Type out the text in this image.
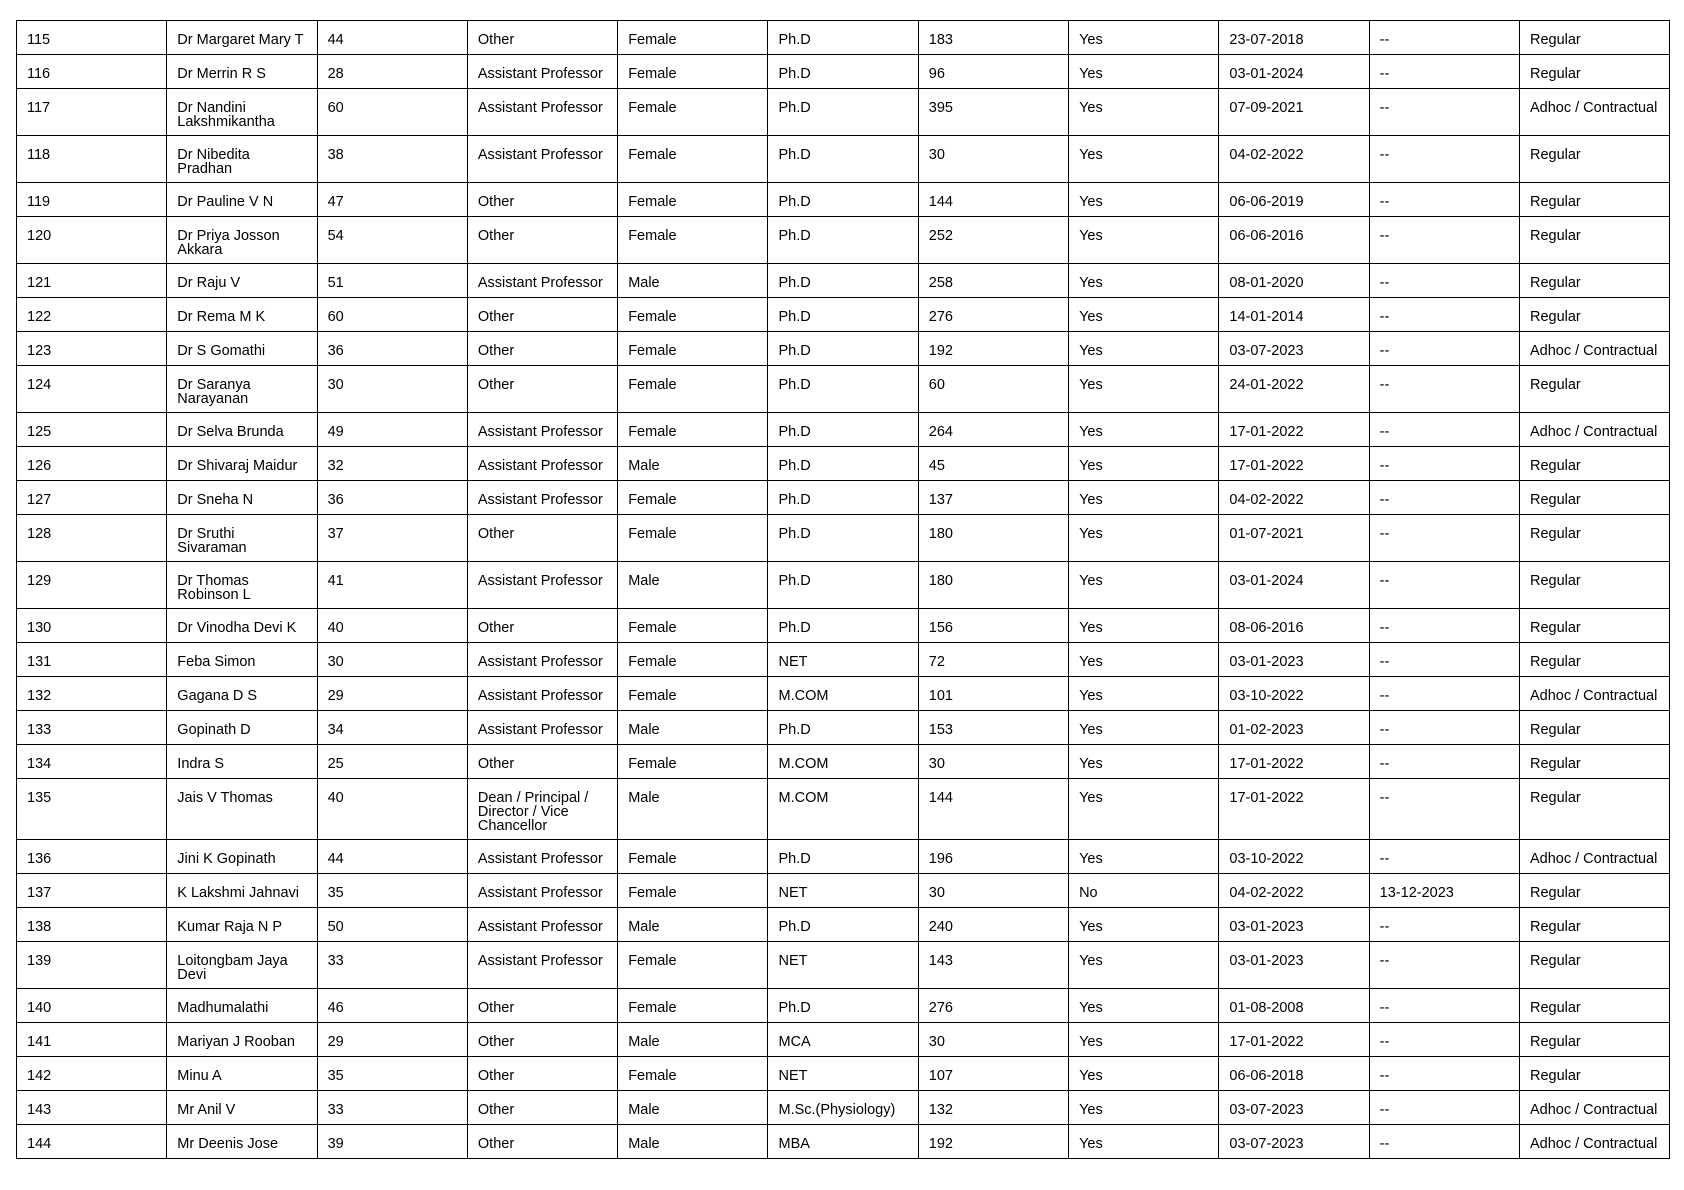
115	Dr Margaret Mary T	44	Other	Female	Ph.D	183	Yes	23-07-2018	--	Regular
116	Dr Merrin R S	28	Assistant Professor	Female	Ph.D	96	Yes	03-01-2024	--	Regular
117	Dr Nandini Lakshmikantha	60	Assistant Professor	Female	Ph.D	395	Yes	07-09-2021	--	Adhoc / Contractual
118	Dr Nibedita Pradhan	38	Assistant Professor	Female	Ph.D	30	Yes	04-02-2022	--	Regular
119	Dr Pauline V N	47	Other	Female	Ph.D	144	Yes	06-06-2019	--	Regular
120	Dr Priya Josson Akkara	54	Other	Female	Ph.D	252	Yes	06-06-2016	--	Regular
121	Dr Raju V	51	Assistant Professor	Male	Ph.D	258	Yes	08-01-2020	--	Regular
122	Dr Rema M K	60	Other	Female	Ph.D	276	Yes	14-01-2014	--	Regular
123	Dr S Gomathi	36	Other	Female	Ph.D	192	Yes	03-07-2023	--	Adhoc / Contractual
124	Dr Saranya Narayanan	30	Other	Female	Ph.D	60	Yes	24-01-2022	--	Regular
125	Dr Selva Brunda	49	Assistant Professor	Female	Ph.D	264	Yes	17-01-2022	--	Adhoc / Contractual
126	Dr Shivaraj Maidur	32	Assistant Professor	Male	Ph.D	45	Yes	17-01-2022	--	Regular
127	Dr Sneha N	36	Assistant Professor	Female	Ph.D	137	Yes	04-02-2022	--	Regular
128	Dr Sruthi Sivaraman	37	Other	Female	Ph.D	180	Yes	01-07-2021	--	Regular
129	Dr Thomas Robinson L	41	Assistant Professor	Male	Ph.D	180	Yes	03-01-2024	--	Regular
130	Dr Vinodha Devi K	40	Other	Female	Ph.D	156	Yes	08-06-2016	--	Regular
131	Feba Simon	30	Assistant Professor	Female	NET	72	Yes	03-01-2023	--	Regular
132	Gagana D S	29	Assistant Professor	Female	M.COM	101	Yes	03-10-2022	--	Adhoc / Contractual
133	Gopinath D	34	Assistant Professor	Male	Ph.D	153	Yes	01-02-2023	--	Regular
134	Indra S	25	Other	Female	M.COM	30	Yes	17-01-2022	--	Regular
135	Jais V Thomas	40	Dean / Principal / Director / Vice Chancellor	Male	M.COM	144	Yes	17-01-2022	--	Regular
136	Jini K Gopinath	44	Assistant Professor	Female	Ph.D	196	Yes	03-10-2022	--	Adhoc / Contractual
137	K Lakshmi Jahnavi	35	Assistant Professor	Female	NET	30	No	04-02-2022	13-12-2023	Regular
138	Kumar Raja N P	50	Assistant Professor	Male	Ph.D	240	Yes	03-01-2023	--	Regular
139	Loitongbam Jaya Devi	33	Assistant Professor	Female	NET	143	Yes	03-01-2023	--	Regular
140	Madhumalathi	46	Other	Female	Ph.D	276	Yes	01-08-2008	--	Regular
141	Mariyan J Rooban	29	Other	Male	MCA	30	Yes	17-01-2022	--	Regular
142	Minu A	35	Other	Female	NET	107	Yes	06-06-2018	--	Regular
143	Mr Anil V	33	Other	Male	M.Sc.(Physiology)	132	Yes	03-07-2023	--	Adhoc / Contractual
144	Mr Deenis Jose	39	Other	Male	MBA	192	Yes	03-07-2023	--	Adhoc / Contractual
